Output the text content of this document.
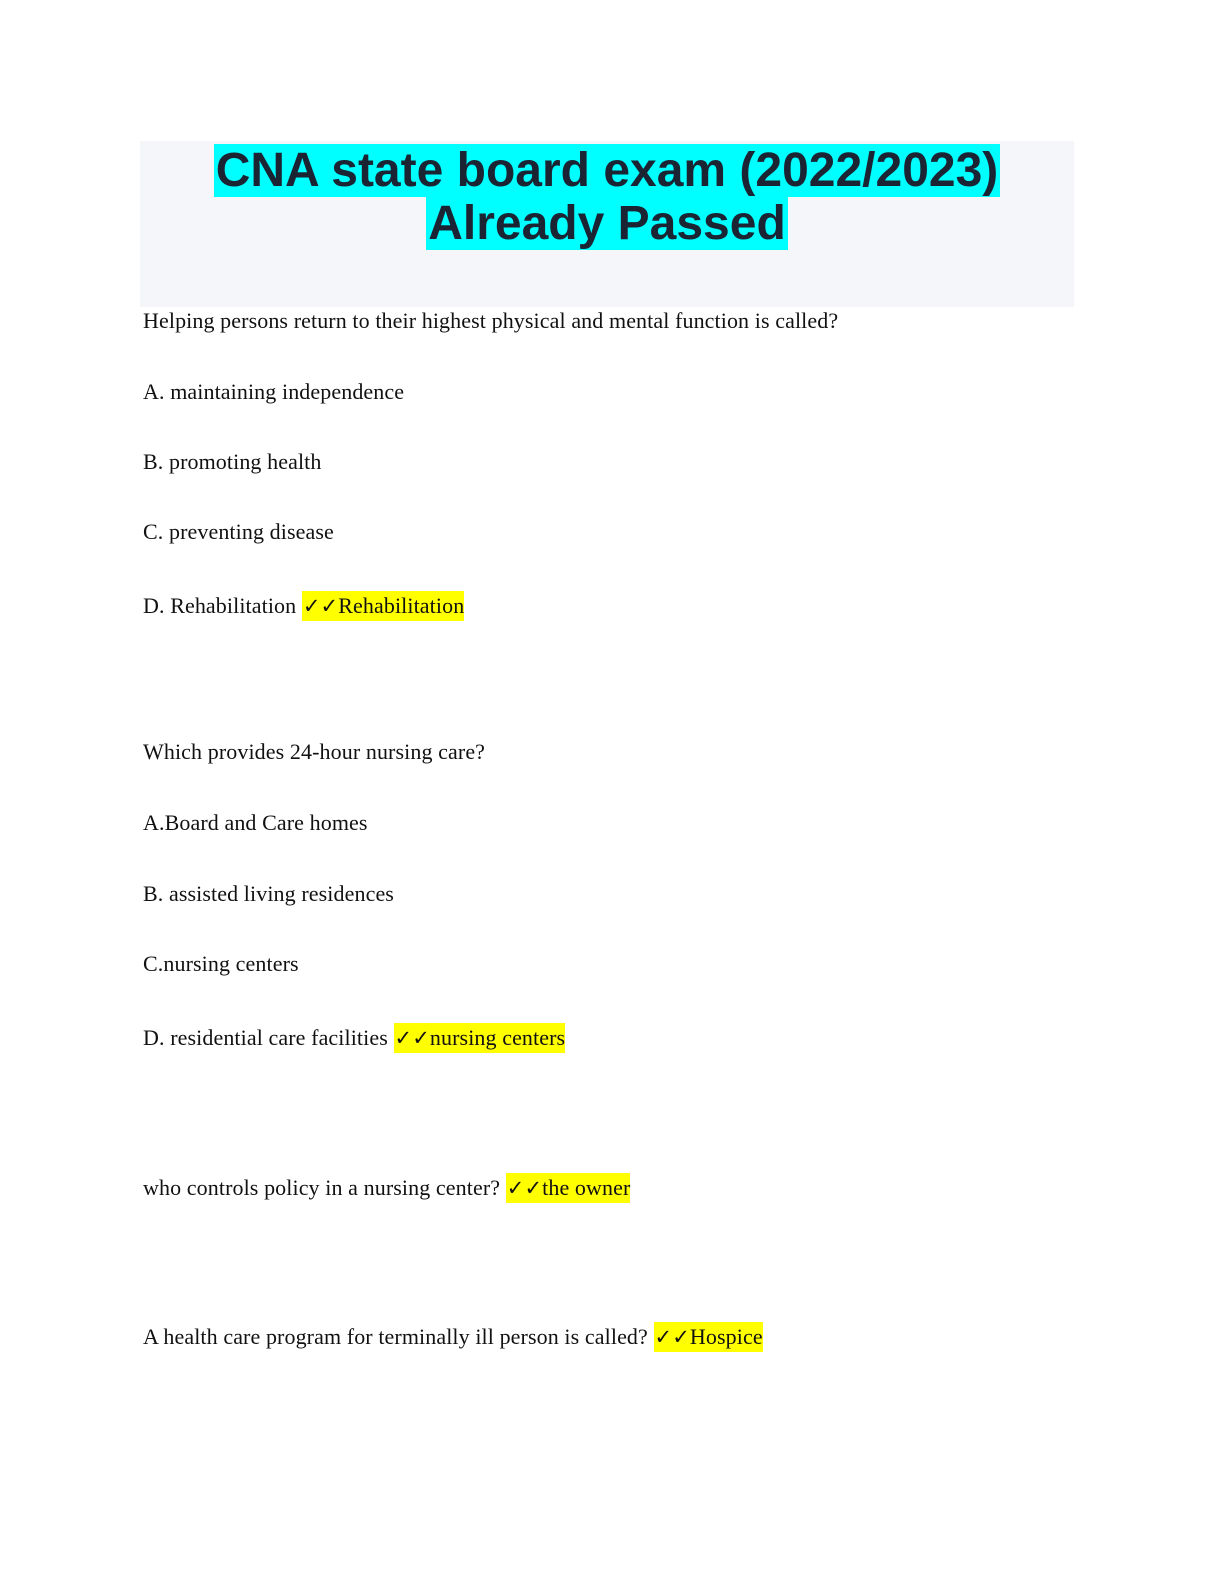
CNA state board exam (2022/2023)
Already Passed
Helping persons return to their highest physical and mental function is called?
A. maintaining independence
B. promoting health
C. preventing disease
D. Rehabilitation ✓✓Rehabilitation
Which provides 24-hour nursing care?
A.Board and Care homes
B. assisted living residences
C.nursing centers
D. residential care facilities ✓✓nursing centers
who controls policy in a nursing center? ✓✓the owner
A health care program for terminally ill person is called? ✓✓Hospice
